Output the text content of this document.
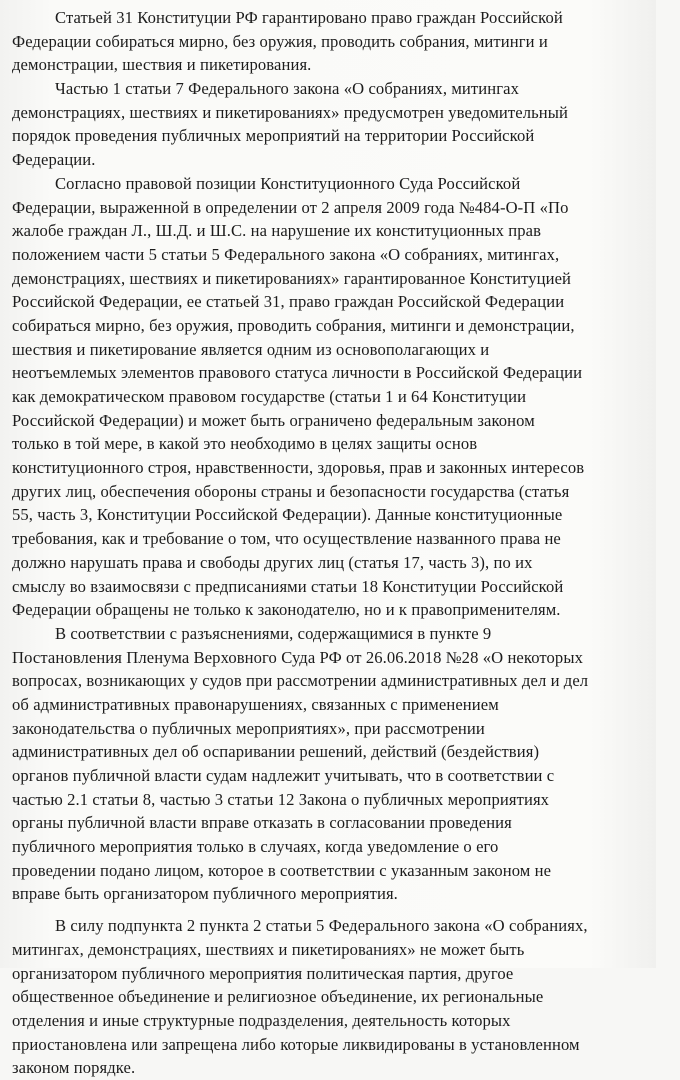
Статьей 31 Конституции РФ гарантировано право граждан Российской
Федерации собираться мирно, без оружия, проводить собрания, митинги и
демонстрации, шествия и пикетирования.
Частью 1 статьи 7 Федерального закона «О собраниях, митингах
демонстрациях, шествиях и пикетированиях» предусмотрен уведомительный
порядок проведения публичных мероприятий на территории Российской
Федерации.
Согласно правовой позиции Конституционного Суда Российской
Федерации, выраженной в определении от 2 апреля 2009 года №484-О-П «По
жалобе граждан Л., Ш.Д. и Ш.С. на нарушение их конституционных прав
положением части 5 статьи 5 Федерального закона «О собраниях, митингах,
демонстрациях, шествиях и пикетированиях» гарантированное Конституцией
Российской Федерации, ее статьей 31, право граждан Российской Федерации
собираться мирно, без оружия, проводить собрания, митинги и демонстрации,
шествия и пикетирование является одним из основополагающих и
неотъемлемых элементов правового статуса личности в Российской Федерации
как демократическом правовом государстве (статьи 1 и 64 Конституции
Российской Федерации) и может быть ограничено федеральным законом
только в той мере, в какой это необходимо в целях защиты основ
конституционного строя, нравственности, здоровья, прав и законных интересов
других лиц, обеспечения обороны страны и безопасности государства (статья
55, часть 3, Конституции Российской Федерации). Данные конституционные
требования, как и требование о том, что осуществление названного права не
должно нарушать права и свободы других лиц (статья 17, часть 3), по их
смыслу во взаимосвязи с предписаниями статьи 18 Конституции Российской
Федерации обращены не только к законодателю, но и к правоприменителям.
В соответствии с разъяснениями, содержащимися в пункте 9
Постановления Пленума Верховного Суда РФ от 26.06.2018 №28 «О некоторых
вопросах, возникающих у судов при рассмотрении административных дел и дел
об административных правонарушениях, связанных с применением
законодательства о публичных мероприятиях», при рассмотрении
административных дел об оспаривании решений, действий (бездействия)
органов публичной власти судам надлежит учитывать, что в соответствии с
частью 2.1 статьи 8, частью 3 статьи 12 Закона о публичных мероприятиях
органы публичной власти вправе отказать в согласовании проведения
публичного мероприятия только в случаях, когда уведомление о его
проведении подано лицом, которое в соответствии с указанным законом не
вправе быть организатором публичного мероприятия.
В силу подпункта 2 пункта 2 статьи 5 Федерального закона «О собраниях,
митингах, демонстрациях, шествиях и пикетированиях» не может быть
организатором публичного мероприятия политическая партия, другое
общественное объединение и религиозное объединение, их региональные
отделения и иные структурные подразделения, деятельность которых
приостановлена или запрещена либо которые ликвидированы в установленном
законом порядке.
